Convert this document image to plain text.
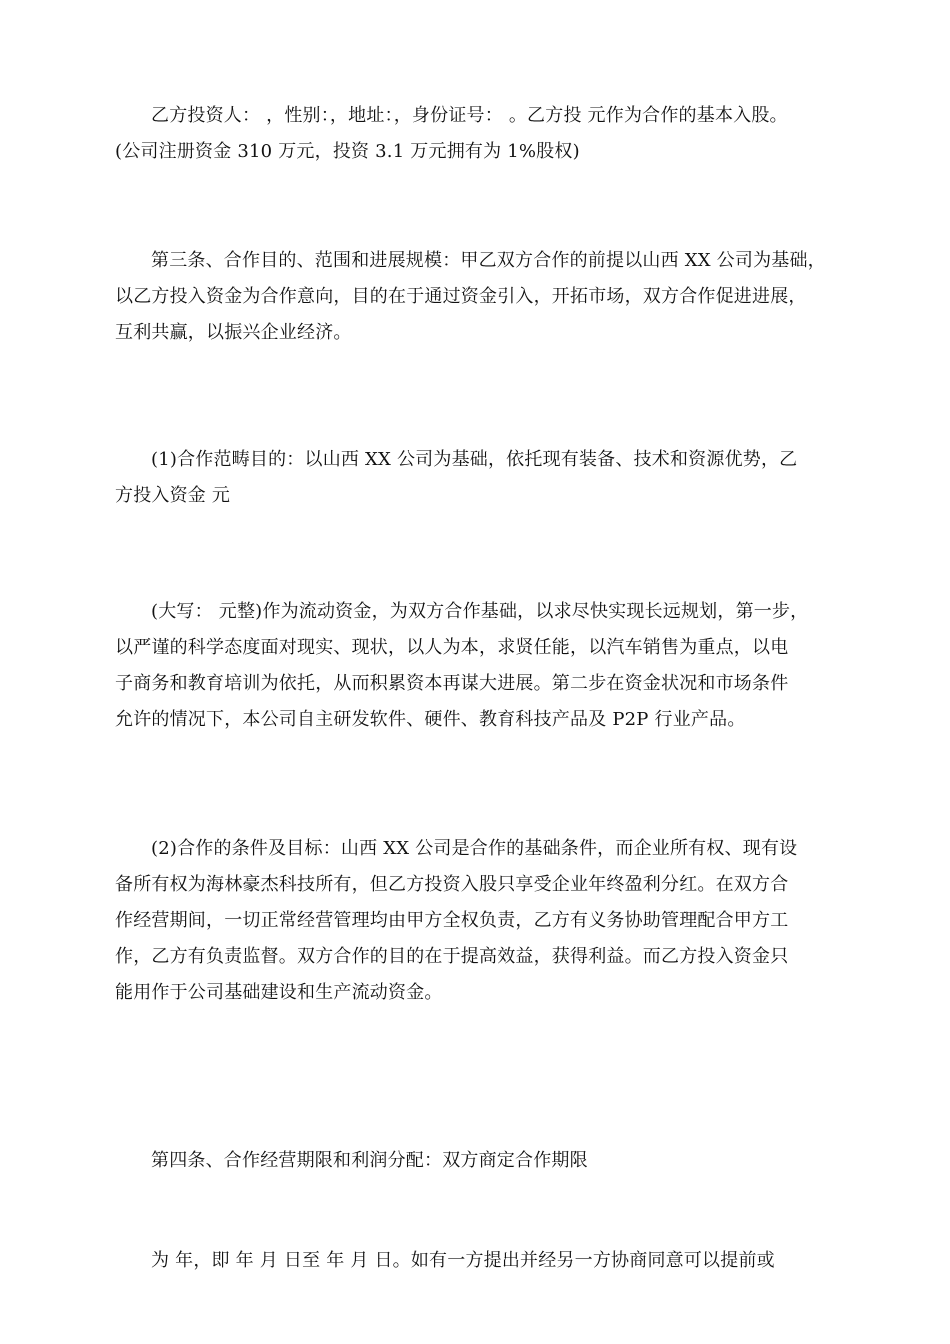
乙方投资人： ，性别：，地址：，身份证号： 。乙方投 元作为合作的基本入股。
(公司注册资金 310 万元，投资 3.1 万元拥有为 1%股权)

第三条、合作目的、范围和进展规模：甲乙双方合作的前提以山西 XX 公司为基础，
以乙方投入资金为合作意向，目的在于通过资金引入，开拓市场，双方合作促进进展，
互利共赢，以振兴企业经济。

(1)合作范畴目的：以山西 XX 公司为基础，依托现有装备、技术和资源优势，乙
方投入资金 元

(大写： 元整)作为流动资金，为双方合作基础，以求尽快实现长远规划，第一步，
以严谨的科学态度面对现实、现状，以人为本，求贤任能，以汽车销售为重点，以电
子商务和教育培训为依托，从而积累资本再谋大进展。第二步在资金状况和市场条件
允许的情况下，本公司自主研发软件、硬件、教育科技产品及 P2P 行业产品。

(2)合作的条件及目标：山西 XX 公司是合作的基础条件，而企业所有权、现有设
备所有权为海林豪杰科技所有，但乙方投资入股只享受企业年终盈利分红。在双方合
作经营期间，一切正常经营管理均由甲方全权负责，乙方有义务协助管理配合甲方工
作，乙方有负责监督。双方合作的目的在于提高效益，获得利益。而乙方投入资金只
能用作于公司基础建设和生产流动资金。

第四条、合作经营期限和利润分配：双方商定合作期限

为 年，即 年 月 日至 年 月 日。如有一方提出并经另一方协商同意可以提前或
